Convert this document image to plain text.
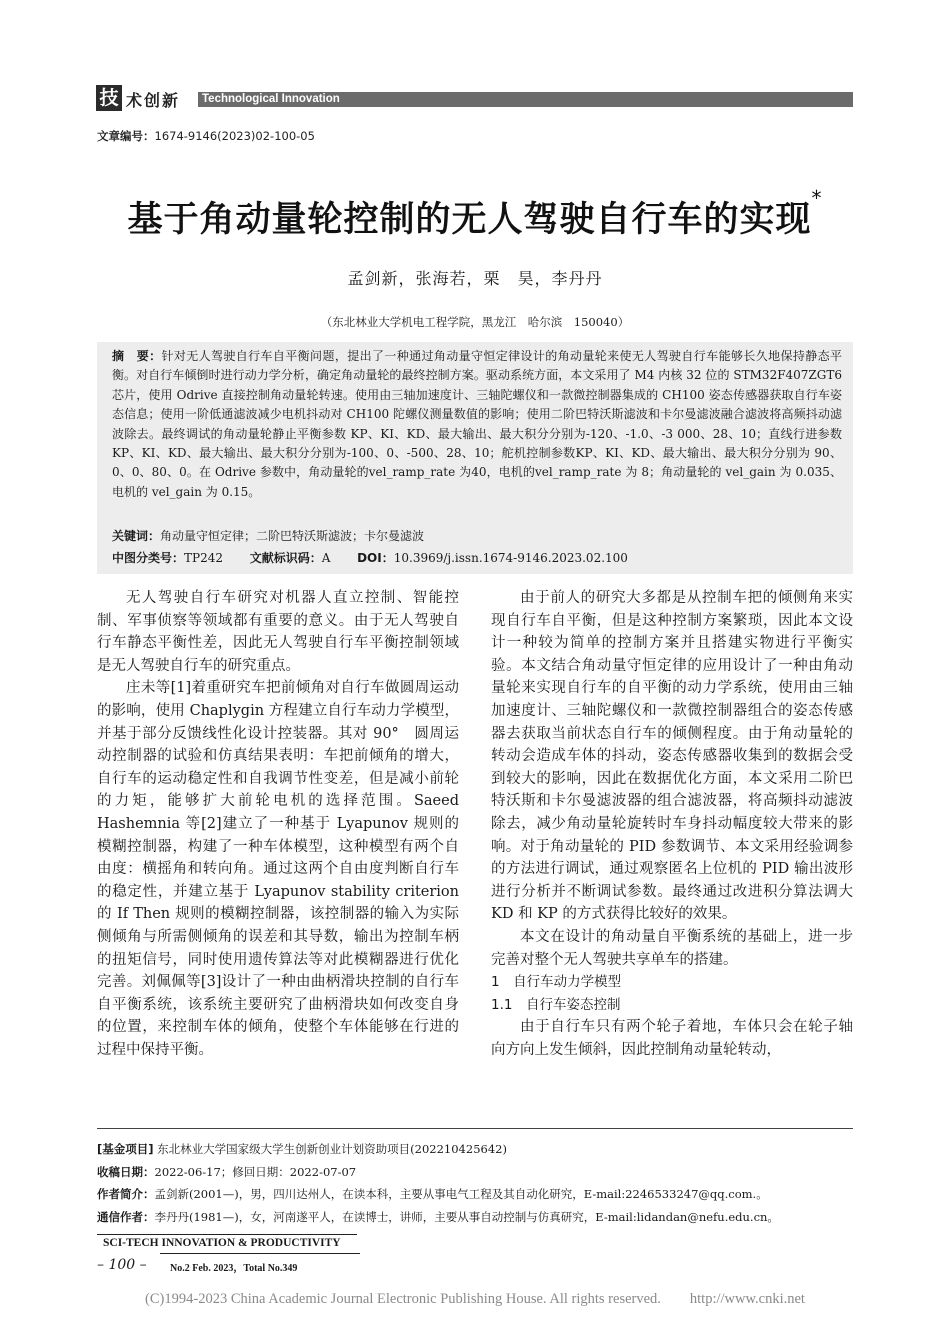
技 术创新 Technological Innovation
文章编号：1674-9146(2023)02-100-05
基于角动量轮控制的无人驾驶自行车的实现*
孟剑新，张海若，栗　昊，李丹丹
（东北林业大学机电工程学院，黑龙江　哈尔滨　150040）
摘　要：针对无人驾驶自行车自平衡问题，提出了一种通过角动量守恒定律设计的角动量轮来使无人驾驶自行车能够长久地保持静态平衡。对自行车倾倒时进行动力学分析，确定角动量轮的最终控制方案。驱动系统方面，本文采用了 M4 内核 32 位的 STM32F407ZGT6 芯片，使用 Odrive 直接控制角动量轮转速。使用由三轴加速度计、三轴陀螺仪和一款微控制器集成的 CH100 姿态传感器获取自行车姿态信息；使用一阶低通滤波减少电机抖动对 CH100 陀螺仪测量数值的影响；使用二阶巴特沃斯滤波和卡尔曼滤波融合滤波将高频抖动滤波除去。最终调试的角动量轮静止平衡参数 KP、KI、KD、最大输出、最大积分分别为-120、-1.0、-3 000、28、10；直线行进参数 KP、KI、KD、最大输出、最大积分分别为-100、0、-500、28、10；舵机控制参数KP、KI、KD、最大输出、最大积分分别为 90、0、0、80、0。在 Odrive 参数中，角动量轮的vel_ramp_rate 为40，电机的vel_ramp_rate 为 8；角动量轮的 vel_gain 为 0.035、电机的 vel_gain 为 0.15。
关键词：角动量守恒定律；二阶巴特沃斯滤波；卡尔曼滤波
中图分类号：TP242 文献标识码：A DOI：10.3969/j.issn.1674-9146.2023.02.100

无人驾驶自行车研究对机器人直立控制、智能控制、军事侦察等领域都有重要的意义。由于无人驾驶自行车静态平衡性差，因此无人驾驶自行车平衡控制领域是无人驾驶自行车的研究重点。

庄未等[1]着重研究车把前倾角对自行车做圆周运动的影响，使用 Chaplygin 方程建立自行车动力学模型，并基于部分反馈线性化设计控装器。其对 90°　圆周运动控制器的试验和仿真结果表明：车把前倾角的增大，自行车的运动稳定性和自我调节性变差，但是减小前轮的力矩，能够扩大前轮电机的选择范围。Saeed Hashemnia 等[2]建立了一种基于 Lyapunov 规则的模糊控制器，构建了一种车体模型，这种模型有两个自由度：横摇角和转向角。通过这两个自由度判断自行车的稳定性，并建立基于 Lyapunov stability criterion 的 If Then 规则的模糊控制器，该控制器的输入为实际侧倾角与所需侧倾角的误差和其导数，输出为控制车柄的扭矩信号，同时使用遗传算法等对此模糊器进行优化完善。刘佩佩等[3]设计了一种由曲柄滑块控制的自行车自平衡系统，该系统主要研究了曲柄滑块如何改变自身的位置，来控制车体的倾角，使整个车体能够在行进的过程中保持平衡。

由于前人的研究大多都是从控制车把的倾侧角来实现自行车自平衡，但是这种控制方案繁琐，因此本文设计一种较为简单的控制方案并且搭建实物进行平衡实验。本文结合角动量守恒定律的应用设计了一种由角动量轮来实现自行车的自平衡的动力学系统，使用由三轴加速度计、三轴陀螺仪和一款微控制器组合的姿态传感器去获取当前状态自行车的倾侧程度。由于角动量轮的转动会造成车体的抖动，姿态传感器收集到的数据会受到较大的影响，因此在数据优化方面，本文采用二阶巴特沃斯和卡尔曼滤波器的组合滤波器，将高频抖动滤波除去，减少角动量轮旋转时车身抖动幅度较大带来的影响。对于角动量轮的 PID 参数调节、本文采用经验调参的方法进行调试，通过观察匿名上位机的 PID 输出波形进行分析并不断调试参数。最终通过改进积分算法调大 KD 和 KP 的方式获得比较好的效果。

本文在设计的角动量自平衡系统的基础上，进一步完善对整个无人驾驶共享单车的搭建。

1　自行车动力学模型

1.1　自行车姿态控制

由于自行车只有两个轮子着地，车体只会在轮子轴向方向上发生倾斜，因此控制角动量轮转动，

[基金项目] 东北林业大学国家级大学生创新创业计划资助项目(202210425642)
收稿日期：2022-06-17；修回日期：2022-07-07
作者简介：孟剑新(2001—)，男，四川达州人，在读本科，主要从事电气工程及其自动化研究，E-mail:2246533247@qq.com.。
通信作者：李丹丹(1981—)，女，河南遂平人，在读博士，讲师，主要从事自动控制与仿真研究，E-mail:lidandan@nefu.edu.cn。
SCI-TECH INNOVATION & PRODUCTIVITY
– 100 – No.2 Feb. 2023，Total No.349
(C)1994-2023 China Academic Journal Electronic Publishing House. All rights reserved.　　http://www.cnki.net
